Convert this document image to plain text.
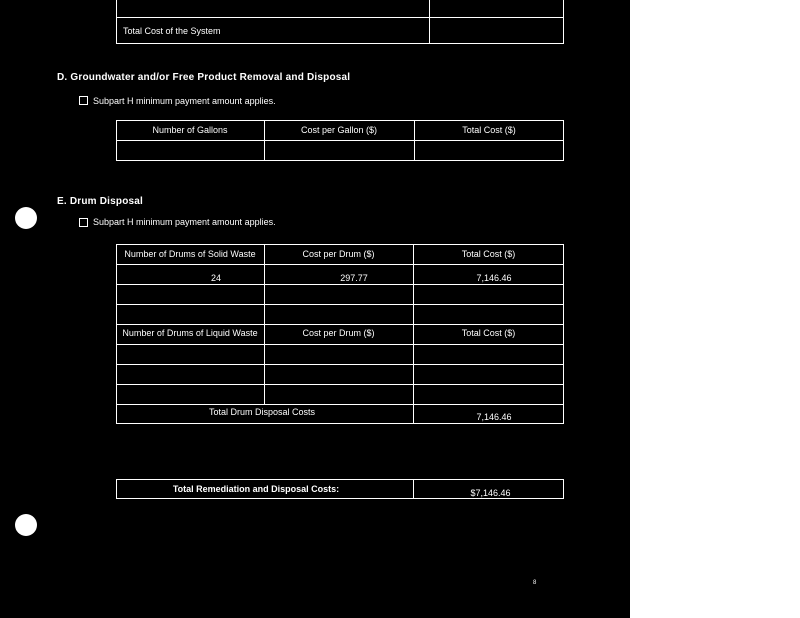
Total Cost of the System
D. Groundwater and/or Free Product Removal and Disposal
Subpart H minimum payment amount applies.
Number of Gallons	Cost per Gallon ($)	Total Cost ($)
E. Drum Disposal
Subpart H minimum payment amount applies.
Number of Drums of Solid Waste	Cost per Drum ($)	Total Cost ($)
24	297.77	7,146.46
Number of Drums of Liquid Waste	Cost per Drum ($)	Total Cost ($)
Total Drum Disposal Costs	7,146.46
Total Remediation and Disposal Costs:	$7,146.46
8
